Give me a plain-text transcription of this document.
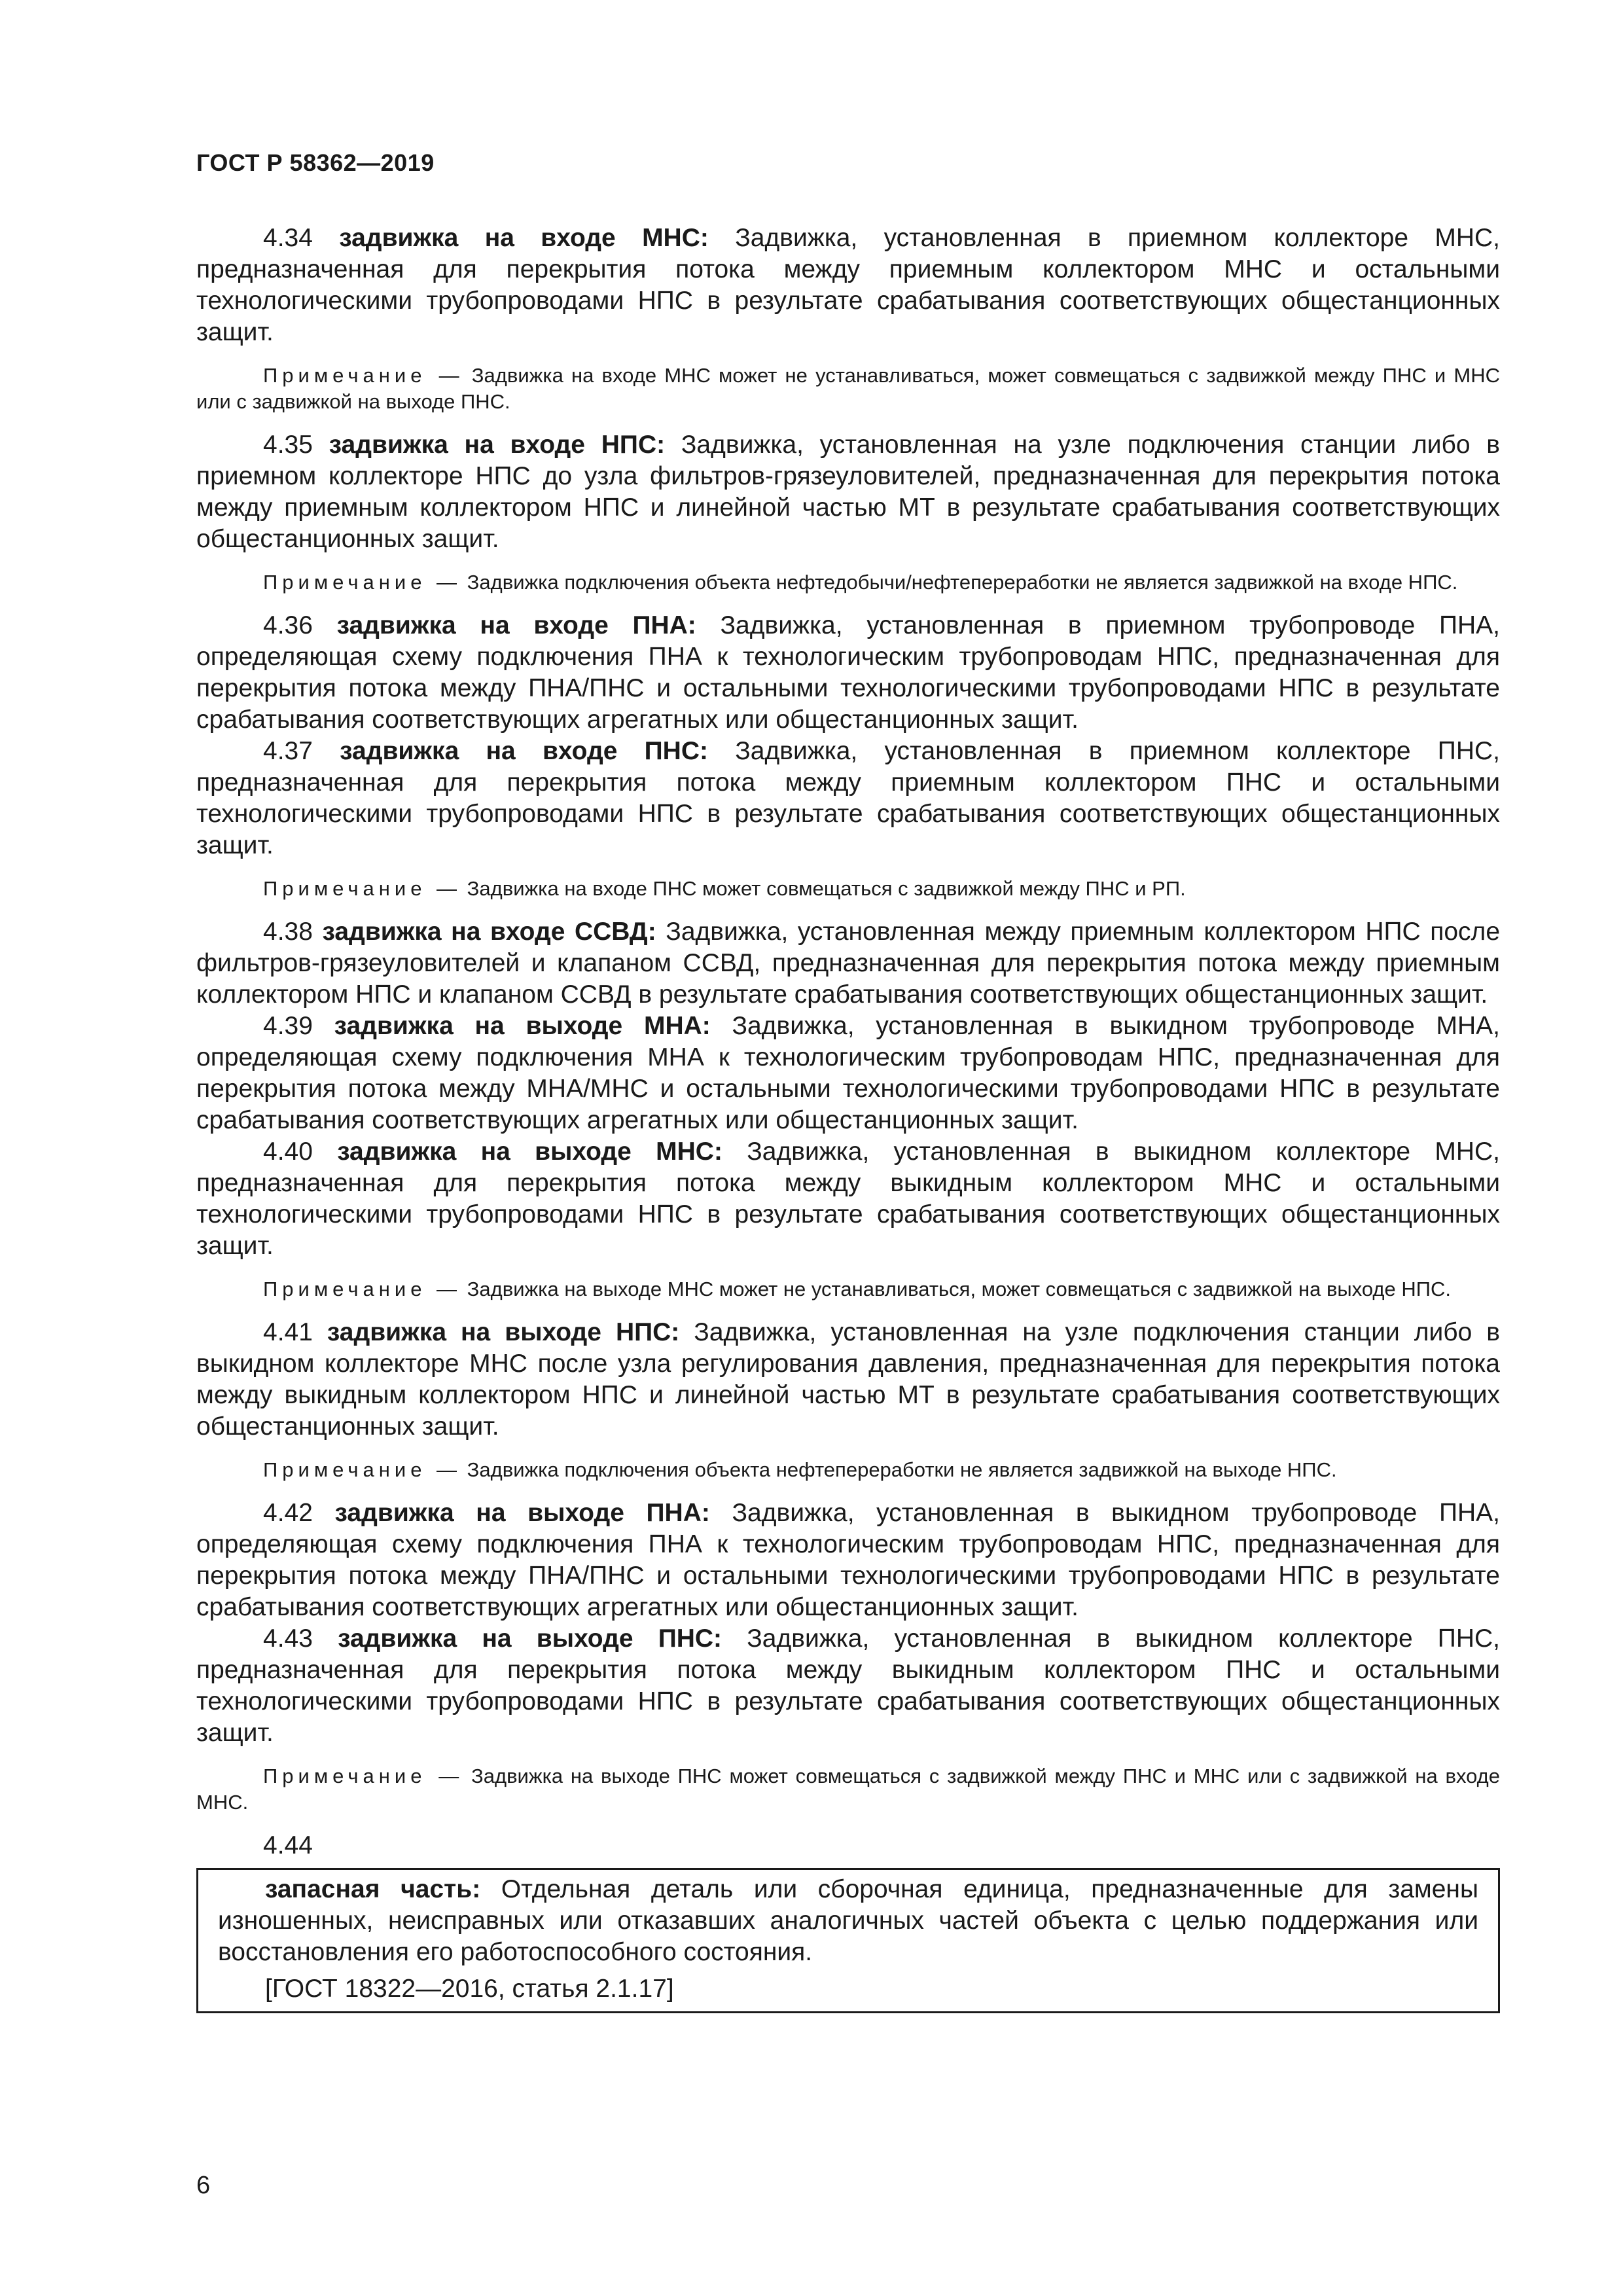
ГОСТ Р 58362—2019

4.34 задвижка на входе МНС: Задвижка, установленная в приемном коллекторе МНС, предназначенная для перекрытия потока между приемным коллектором МНС и остальными технологическими трубопроводами НПС в результате срабатывания соответствующих общестанционных защит.

Примечание — Задвижка на входе МНС может не устанавливаться, может совмещаться с задвижкой между ПНС и МНС или с задвижкой на выходе ПНС.

4.35 задвижка на входе НПС: Задвижка, установленная на узле подключения станции либо в приемном коллекторе НПС до узла фильтров-грязеуловителей, предназначенная для перекрытия потока между приемным коллектором НПС и линейной частью МТ в результате срабатывания соответствующих общестанционных защит.

Примечание — Задвижка подключения объекта нефтедобычи/нефтепереработки не является задвижкой на входе НПС.

4.36 задвижка на входе ПНА: Задвижка, установленная в приемном трубопроводе ПНА, определяющая схему подключения ПНА к технологическим трубопроводам НПС, предназначенная для перекрытия потока между ПНА/ПНС и остальными технологическими трубопроводами НПС в результате срабатывания соответствующих агрегатных или общестанционных защит.

4.37 задвижка на входе ПНС: Задвижка, установленная в приемном коллекторе ПНС, предназначенная для перекрытия потока между приемным коллектором ПНС и остальными технологическими трубопроводами НПС в результате срабатывания соответствующих общестанционных защит.

Примечание — Задвижка на входе ПНС может совмещаться с задвижкой между ПНС и РП.

4.38 задвижка на входе ССВД: Задвижка, установленная между приемным коллектором НПС после фильтров-грязеуловителей и клапаном ССВД, предназначенная для перекрытия потока между приемным коллектором НПС и клапаном ССВД в результате срабатывания соответствующих общестанционных защит.

4.39 задвижка на выходе МНА: Задвижка, установленная в выкидном трубопроводе МНА, определяющая схему подключения МНА к технологическим трубопроводам НПС, предназначенная для перекрытия потока между МНА/МНС и остальными технологическими трубопроводами НПС в результате срабатывания соответствующих агрегатных или общестанционных защит.

4.40 задвижка на выходе МНС: Задвижка, установленная в выкидном коллекторе МНС, предназначенная для перекрытия потока между выкидным коллектором МНС и остальными технологическими трубопроводами НПС в результате срабатывания соответствующих общестанционных защит.

Примечание — Задвижка на выходе МНС может не устанавливаться, может совмещаться с задвижкой на выходе НПС.

4.41 задвижка на выходе НПС: Задвижка, установленная на узле подключения станции либо в выкидном коллекторе МНС после узла регулирования давления, предназначенная для перекрытия потока между выкидным коллектором НПС и линейной частью МТ в результате срабатывания соответствующих общестанционных защит.

Примечание — Задвижка подключения объекта нефтепереработки не является задвижкой на выходе НПС.

4.42 задвижка на выходе ПНА: Задвижка, установленная в выкидном трубопроводе ПНА, определяющая схему подключения ПНА к технологическим трубопроводам НПС, предназначенная для перекрытия потока между ПНА/ПНС и остальными технологическими трубопроводами НПС в результате срабатывания соответствующих агрегатных или общестанционных защит.

4.43 задвижка на выходе ПНС: Задвижка, установленная в выкидном коллекторе ПНС, предназначенная для перекрытия потока между выкидным коллектором ПНС и остальными технологическими трубопроводами НПС в результате срабатывания соответствующих общестанционных защит.

Примечание — Задвижка на выходе ПНС может совмещаться с задвижкой между ПНС и МНС или с задвижкой на входе МНС.

4.44

запасная часть: Отдельная деталь или сборочная единица, предназначенные для замены изношенных, неисправных или отказавших аналогичных частей объекта с целью поддержания или восстановления его работоспособного состояния.

[ГОСТ 18322—2016, статья 2.1.17]

6
